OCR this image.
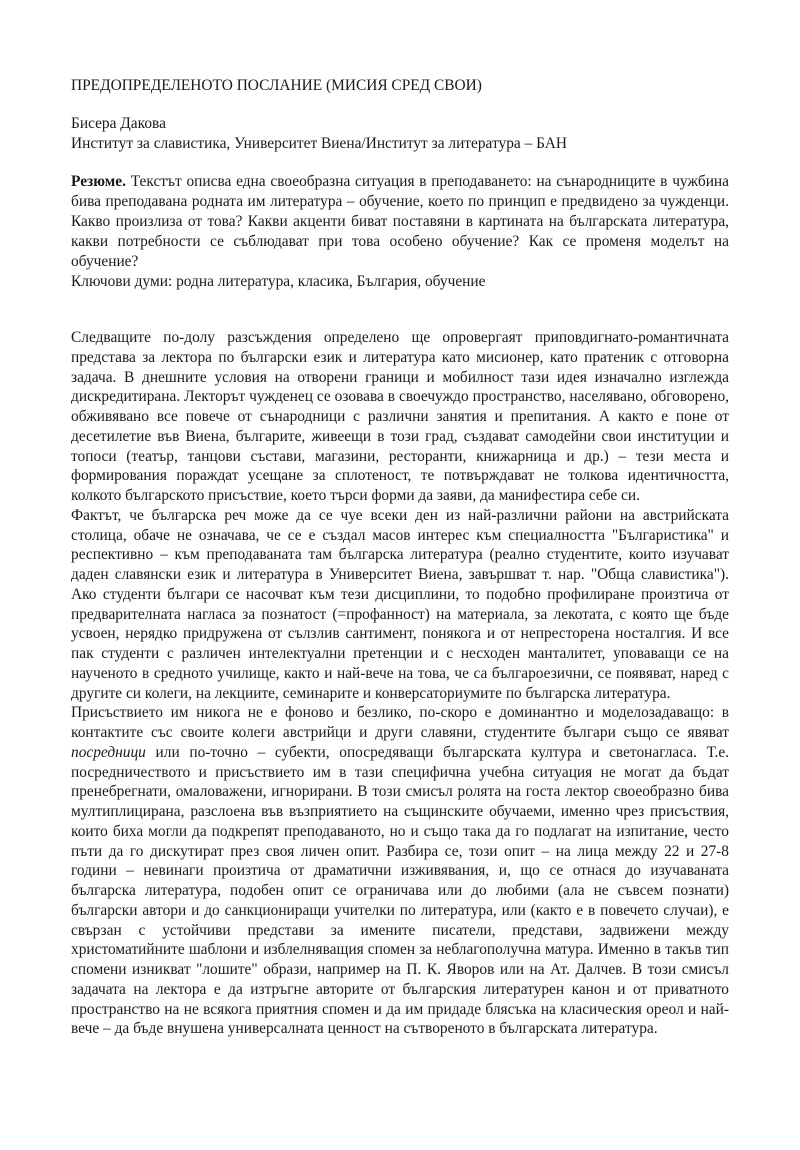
ПРЕДОПРЕДЕЛЕНОТО ПОСЛАНИЕ (МИСИЯ СРЕД СВОИ)

Бисера Дакова
Институт за славистика, Университет Виена/Институт за литература – БАН
Резюме. Текстът описва една своеобразна ситуация в преподаването: на сънародниците в чужбина бива преподавана родната им литература – обучение, което по принцип е предвидено за чужденци. Какво произлиза от това? Какви акценти биват поставяни в картината на българската литература, какви потребности се съблюдават при това особено обучение? Как се променя моделът на обучение?
Ключови думи: родна литература, класика, България, обучение

Следващите по-долу разсъждения определено ще опровергаят приповдигнато-романтичната представа за лектора по български език и литература като мисионер, като пратеник с отговорна задача. В днешните условия на отворени граници и мобилност тази идея изначално изглежда дискредитирана. Лекторът чужденец се озовава в своечуждо пространство, населявано, обговорено, обживявано все повече от сънародници с различни занятия и препитания. А както е поне от десетилетие във Виена, българите, живеещи в този град, създават самодейни свои институции и топоси (театър, танцови състави, магазини, ресторанти, книжарница и др.) – тези места и формирования пораждат усещане за сплотеност, те потвърждават не толкова идентичността, колкото българското присъствие, което търси форми да заяви, да манифестира себе си.

Фактът, че българска реч може да се чуе всеки ден из най-различни райони на австрийската столица, обаче не означава, че се е създал масов интерес към специалността "Българистика" и респективно – към преподаваната там българска литература (реално студентите, които изучават даден славянски език и литература в Университет Виена, завършват т. нар. "Обща славистика"). Ако студенти българи се насочват към тези дисциплини, то подобно профилиране произтича от предварителната нагласа за познатост (=профанност) на материала, за лекотата, с която ще бъде усвоен, нерядко придружена от сълзлив сантимент, понякога и от непресторена носталгия. И все пак студенти с различен интелектуални претенции и с несходен манталитет, уповаващи се на наученото в средното училище, както и най-вече на това, че са българоезични, се появяват, наред с другите си колеги, на лекциите, семинарите и конверсаториумите по българска литература.

Присъствието им никога не е фоново и безлико, по-скоро е доминантно и моделозадаващо: в контактите със своите колеги австрийци и други славяни, студентите българи също се явяват посредници или по-точно – субекти, опосредяващи българската култура и светонагласа. Т.е. посредничеството и присъствието им в тази специфична учебна ситуация не могат да бъдат пренебрегнати, омаловажени, игнорирани. В този смисъл ролята на госта лектор своеобразно бива мултиплицирана, разслоена във възприятието на същинските обучаеми, именно чрез присъствия, които биха могли да подкрепят преподаваното, но и също така да го подлагат на изпитание, често пъти да го дискутират през своя личен опит. Разбира се, този опит – на лица между 22 и 27-8 години – невинаги произтича от драматични изживявания, и, що се отнася до изучаваната българска литература, подобен опит се ограничава или до любими (ала не съвсем познати) български автори и до санкциониращи учителки по литература, или (както е в повечето случаи), е свързан с устойчиви представи за имените писатели, представи, задвижени между христоматийните шаблони и изблелняващия спомен за неблагополучна матура. Именно в такъв тип спомени изникват "лошите" образи, например на П. К. Яворов или на Ат. Далчев. В този смисъл задачата на лектора е да изтръгне авторите от българския литературен канон и от приватното пространство на не всякога приятния спомен и да им придаде блясъка на класическия ореол и най-вече – да бъде внушена универсалната ценност на сътвореното в българската литература.
